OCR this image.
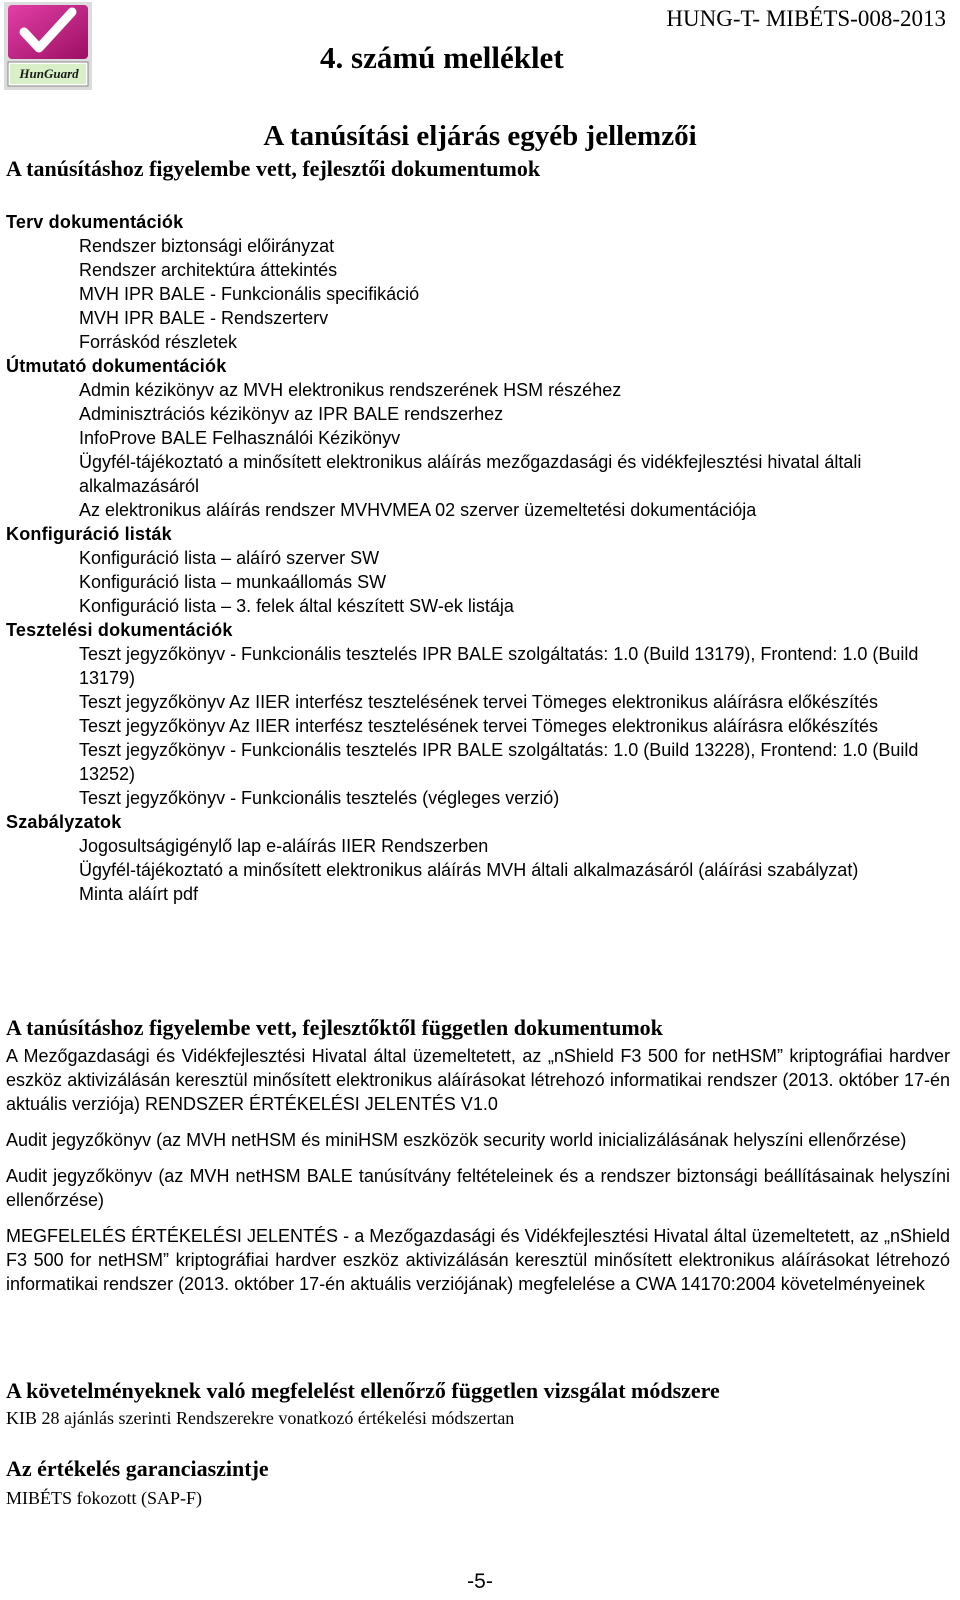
HunGuard	4. számú melléklet
HUNG-T- MIBÉTS-008-2013
A tanúsítási eljárás egyéb jellemzői
A tanúsításhoz figyelembe vett, fejlesztői dokumentumok
Terv dokumentációk
Rendszer biztonsági előirányzat
Rendszer architektúra áttekintés
MVH IPR BALE - Funkcionális specifikáció
MVH IPR BALE - Rendszerterv
Forráskód részletek
Útmutató dokumentációk
Admin kézikönyv az MVH elektronikus rendszerének HSM részéhez
Adminisztrációs kézikönyv az IPR BALE rendszerhez
InfoProve BALE Felhasználói Kézikönyv
Ügyfél-tájékoztató a minősített elektronikus aláírás mezőgazdasági és vidékfejlesztési hivatal általi alkalmazásáról
Az elektronikus aláírás rendszer MVHVMEA 02 szerver üzemeltetési dokumentációja
Konfiguráció listák
Konfiguráció lista – aláíró szerver SW
Konfiguráció lista – munkaállomás SW
Konfiguráció lista – 3. felek által készített SW-ek listája
Tesztelési dokumentációk
Teszt jegyzőkönyv - Funkcionális tesztelés IPR BALE szolgáltatás: 1.0 (Build 13179), Frontend: 1.0 (Build 13179)
Teszt jegyzőkönyv Az IIER interfész tesztelésének tervei Tömeges elektronikus aláírásra előkészítés
Teszt jegyzőkönyv Az IIER interfész tesztelésének tervei Tömeges elektronikus aláírásra előkészítés
Teszt jegyzőkönyv - Funkcionális tesztelés IPR BALE szolgáltatás: 1.0 (Build 13228), Frontend: 1.0 (Build 13252)
Teszt jegyzőkönyv - Funkcionális tesztelés (végleges verzió)
Szabályzatok
Jogosultságigénylő lap e-aláírás IIER Rendszerben
Ügyfél-tájékoztató a minősített elektronikus aláírás MVH általi alkalmazásáról (aláírási szabályzat)
Minta aláírt pdf
A tanúsításhoz figyelembe vett, fejlesztőktől független dokumentumok

A Mezőgazdasági és Vidékfejlesztési Hivatal által üzemeltetett, az „nShield F3 500 for netHSM” kriptográfiai hardver eszköz aktivizálásán keresztül minősített elektronikus aláírásokat létrehozó informatikai rendszer (2013. október 17-én aktuális verziója) RENDSZER ÉRTÉKELÉSI JELENTÉS V1.0

Audit jegyzőkönyv (az MVH netHSM és miniHSM eszközök security world inicializálásának helyszíni ellenőrzése)

Audit jegyzőkönyv (az MVH netHSM BALE tanúsítvány feltételeinek és a rendszer biztonsági beállításainak helyszíni ellenőrzése)

MEGFELELÉS ÉRTÉKELÉSI JELENTÉS - a Mezőgazdasági és Vidékfejlesztési Hivatal által üzemeltetett, az „nShield F3 500 for netHSM” kriptográfiai hardver eszköz aktivizálásán keresztül minősített elektronikus aláírásokat létrehozó informatikai rendszer (2013. október 17-én aktuális verziójának) megfelelése a CWA 14170:2004 követelményeinek

A követelményeknek való megfelelést ellenőrző független vizsgálat módszere
KIB 28 ajánlás szerinti Rendszerekre vonatkozó értékelési módszertan
Az értékelés garanciaszintje
MIBÉTS fokozott (SAP-F)
-5-
